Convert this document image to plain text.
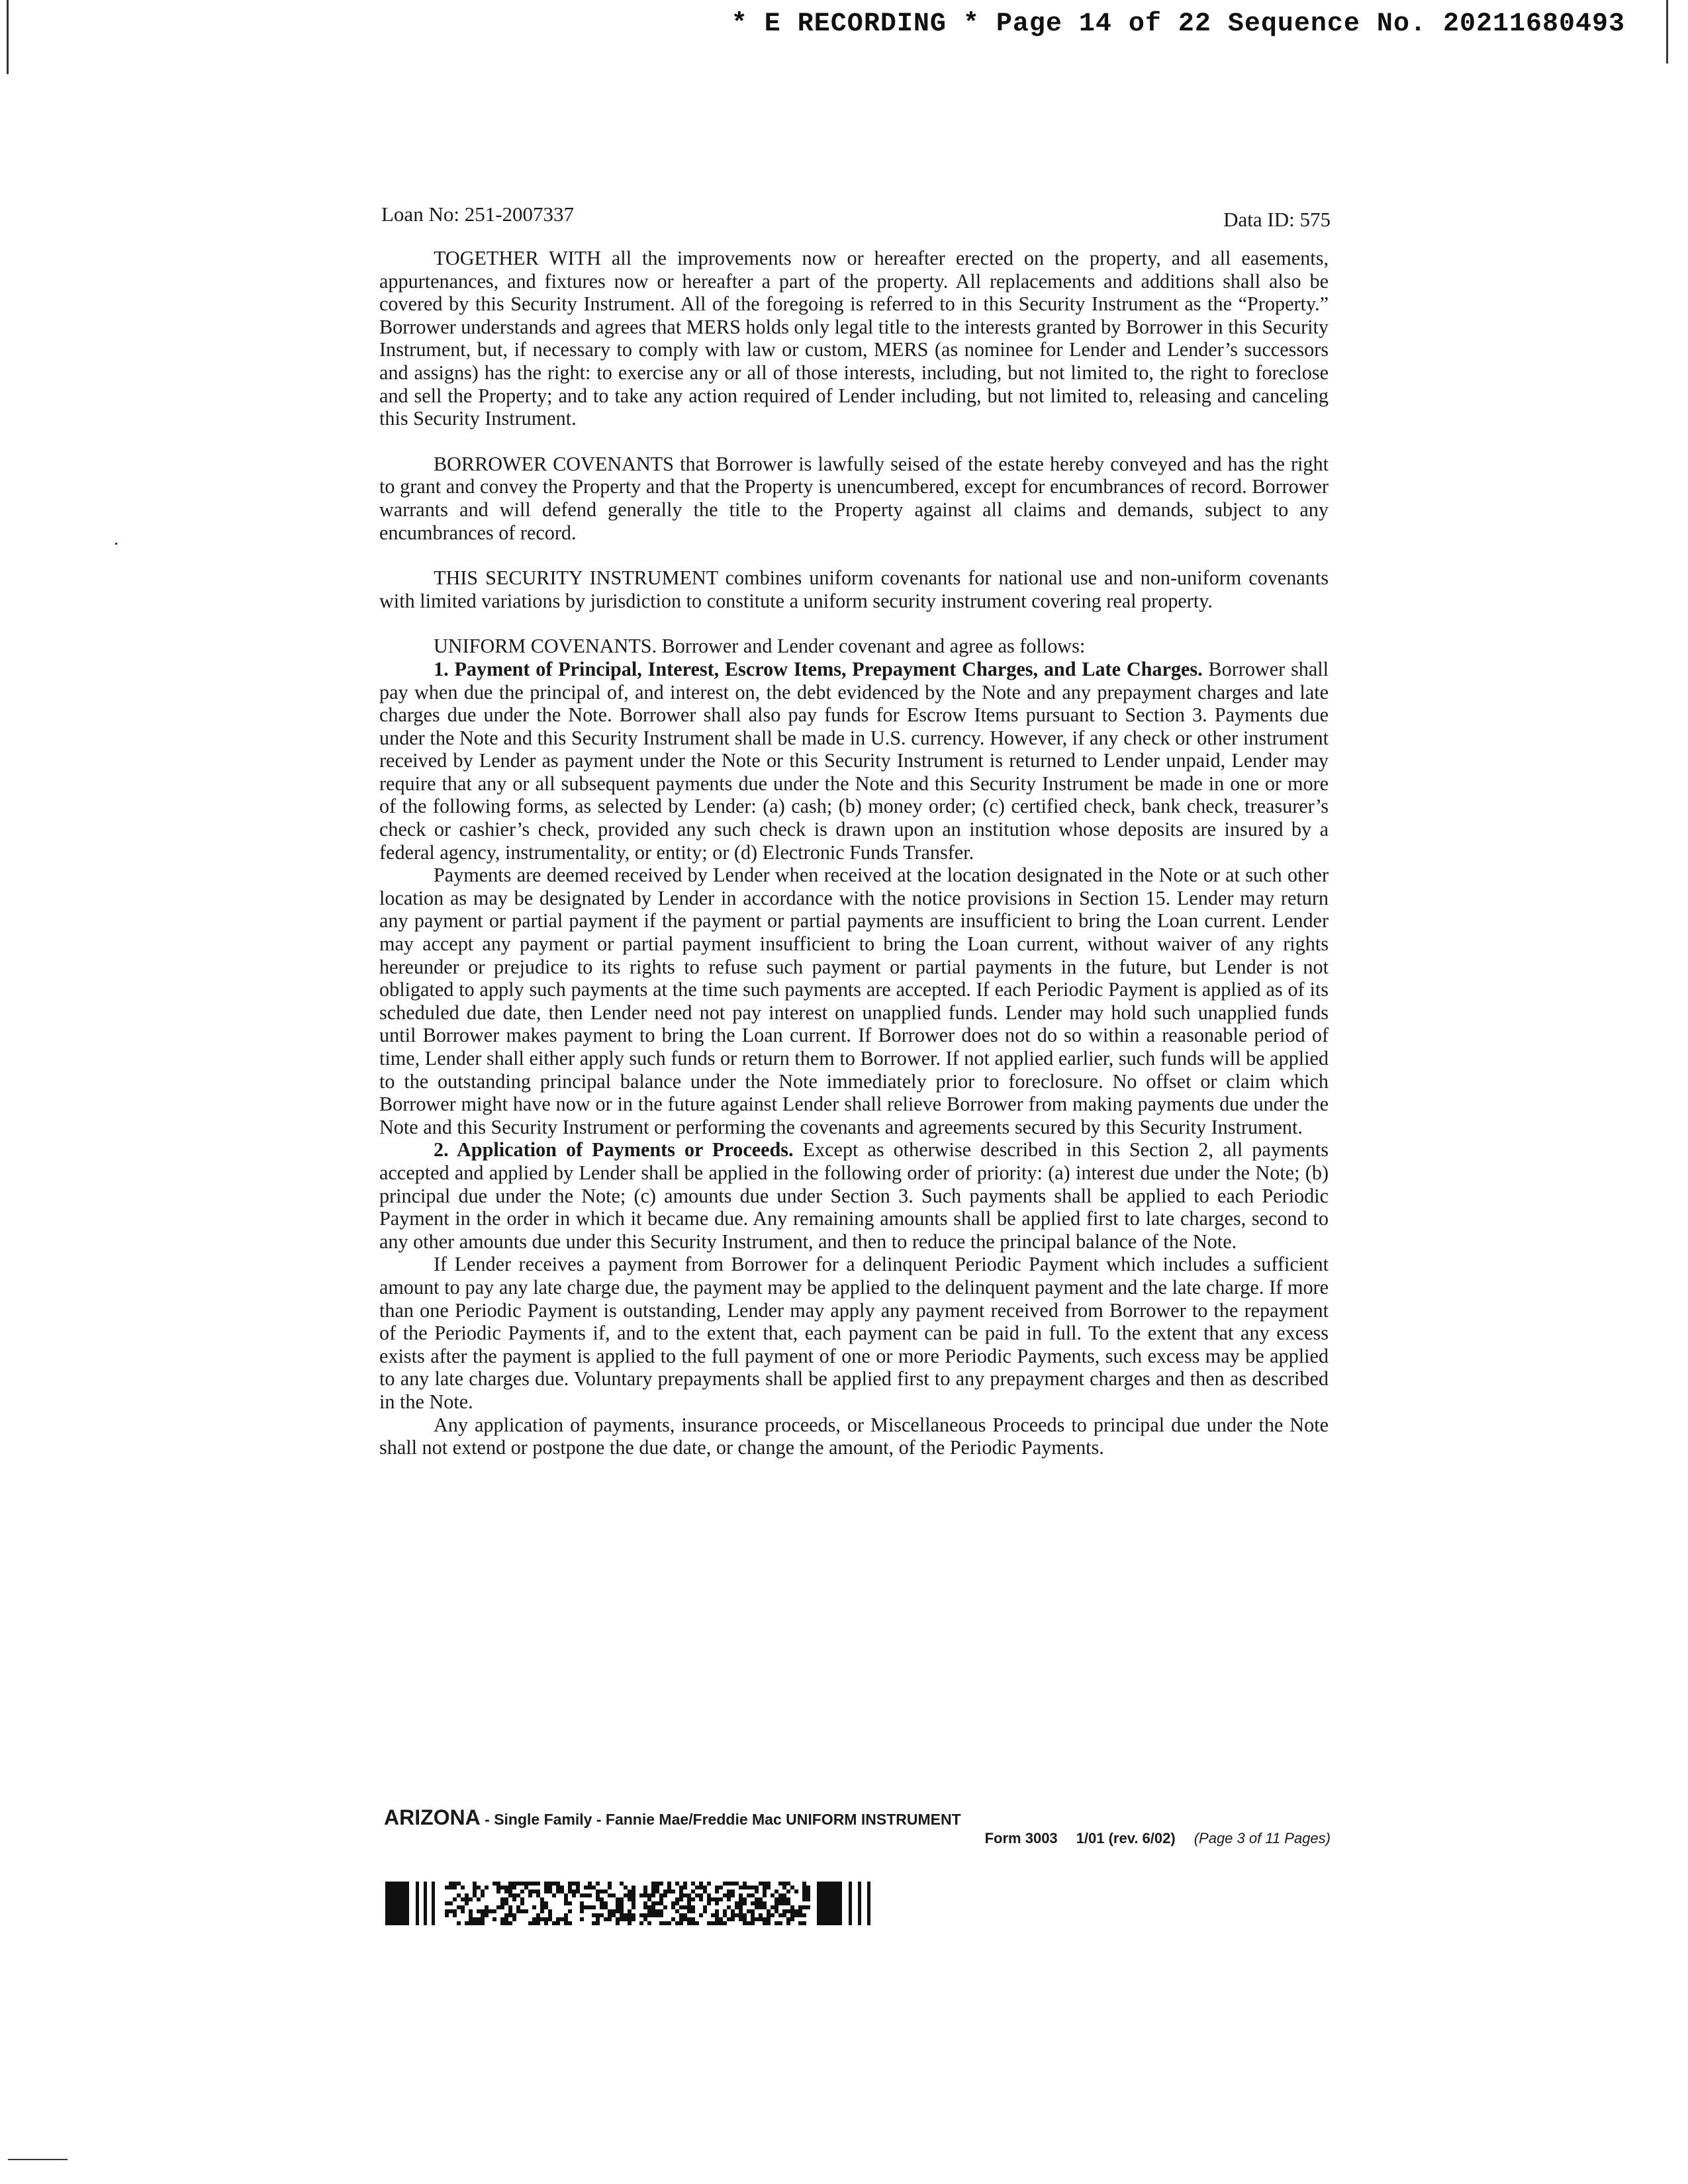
* E RECORDING * Page 14 of 22 Sequence No. 20211680493
Loan No: 251-2007337	Data ID: 575

TOGETHER WITH all the improvements now or hereafter erected on the property, and all easements, appurtenances, and fixtures now or hereafter a part of the property. All replacements and additions shall also be covered by this Security Instrument. All of the foregoing is referred to in this Security Instrument as the “Property.” Borrower understands and agrees that MERS holds only legal title to the interests granted by Borrower in this Security Instrument, but, if necessary to comply with law or custom, MERS (as nominee for Lender and Lender’s successors and assigns) has the right: to exercise any or all of those interests, including, but not limited to, the right to foreclose and sell the Property; and to take any action required of Lender including, but not limited to, releasing and canceling this Security Instrument.

BORROWER COVENANTS that Borrower is lawfully seised of the estate hereby conveyed and has the right to grant and convey the Property and that the Property is unencumbered, except for encumbrances of record. Borrower warrants and will defend generally the title to the Property against all claims and demands, subject to any encumbrances of record.

THIS SECURITY INSTRUMENT combines uniform covenants for national use and non-uniform covenants with limited variations by jurisdiction to constitute a uniform security instrument covering real property.

UNIFORM COVENANTS. Borrower and Lender covenant and agree as follows:

1. Payment of Principal, Interest, Escrow Items, Prepayment Charges, and Late Charges. Borrower shall pay when due the principal of, and interest on, the debt evidenced by the Note and any prepayment charges and late charges due under the Note. Borrower shall also pay funds for Escrow Items pursuant to Section 3. Payments due under the Note and this Security Instrument shall be made in U.S. currency. However, if any check or other instrument received by Lender as payment under the Note or this Security Instrument is returned to Lender unpaid, Lender may require that any or all subsequent payments due under the Note and this Security Instrument be made in one or more of the following forms, as selected by Lender: (a) cash; (b) money order; (c) certified check, bank check, treasurer’s check or cashier’s check, provided any such check is drawn upon an institution whose deposits are insured by a federal agency, instrumentality, or entity; or (d) Electronic Funds Transfer.

Payments are deemed received by Lender when received at the location designated in the Note or at such other location as may be designated by Lender in accordance with the notice provisions in Section 15. Lender may return any payment or partial payment if the payment or partial payments are insufficient to bring the Loan current. Lender may accept any payment or partial payment insufficient to bring the Loan current, without waiver of any rights hereunder or prejudice to its rights to refuse such payment or partial payments in the future, but Lender is not obligated to apply such payments at the time such payments are accepted. If each Periodic Payment is applied as of its scheduled due date, then Lender need not pay interest on unapplied funds. Lender may hold such unapplied funds until Borrower makes payment to bring the Loan current. If Borrower does not do so within a reasonable period of time, Lender shall either apply such funds or return them to Borrower. If not applied earlier, such funds will be applied to the outstanding principal balance under the Note immediately prior to foreclosure. No offset or claim which Borrower might have now or in the future against Lender shall relieve Borrower from making payments due under the Note and this Security Instrument or performing the covenants and agreements secured by this Security Instrument.

2. Application of Payments or Proceeds. Except as otherwise described in this Section 2, all payments accepted and applied by Lender shall be applied in the following order of priority: (a) interest due under the Note; (b) principal due under the Note; (c) amounts due under Section 3. Such payments shall be applied to each Periodic Payment in the order in which it became due. Any remaining amounts shall be applied first to late charges, second to any other amounts due under this Security Instrument, and then to reduce the principal balance of the Note.

If Lender receives a payment from Borrower for a delinquent Periodic Payment which includes a sufficient amount to pay any late charge due, the payment may be applied to the delinquent payment and the late charge. If more than one Periodic Payment is outstanding, Lender may apply any payment received from Borrower to the repayment of the Periodic Payments if, and to the extent that, each payment can be paid in full. To the extent that any excess exists after the payment is applied to the full payment of one or more Periodic Payments, such excess may be applied to any late charges due. Voluntary prepayments shall be applied first to any prepayment charges and then as described in the Note.

Any application of payments, insurance proceeds, or Miscellaneous Proceeds to principal due under the Note shall not extend or postpone the due date, or change the amount, of the Periodic Payments.

ARIZONA - Single Family - Fannie Mae/Freddie Mac UNIFORM INSTRUMENT
Form 3003 1/01 (rev. 6/02) (Page 3 of 11 Pages)
